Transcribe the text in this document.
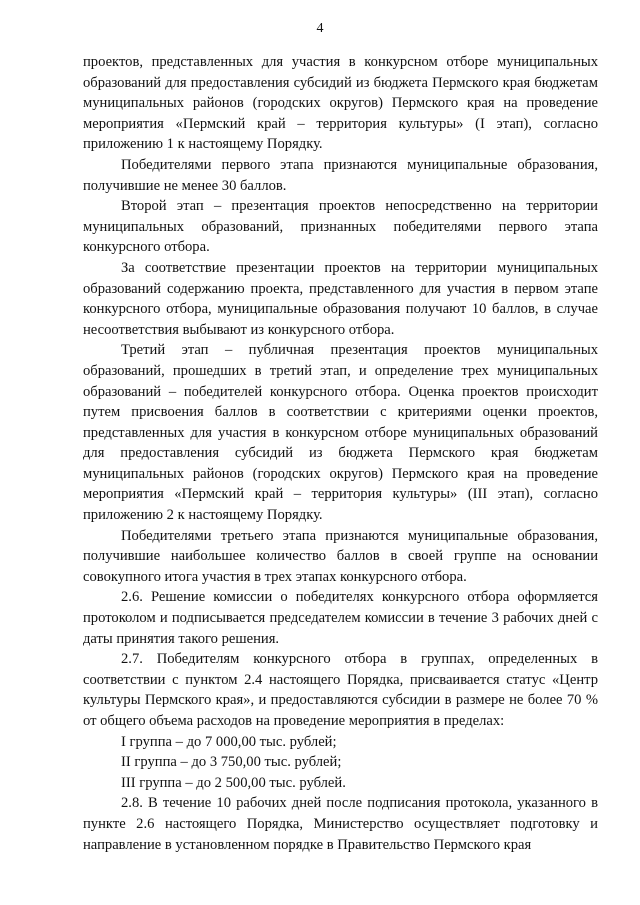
4

проектов, представленных для участия в конкурсном отборе муниципальных образований для предоставления субсидий из бюджета Пермского края бюджетам муниципальных районов (городских округов) Пермского края на проведение мероприятия «Пермский край – территория культуры» (I этап), согласно приложению 1 к настоящему Порядку.

Победителями первого этапа признаются муниципальные образования, получившие не менее 30 баллов.

Второй этап – презентация проектов непосредственно на территории муниципальных образований, признанных победителями первого этапа конкурсного отбора.

За соответствие презентации проектов на территории муниципальных образований содержанию проекта, представленного для участия в первом этапе конкурсного отбора, муниципальные образования получают 10 баллов, в случае несоответствия выбывают из конкурсного отбора.

Третий этап – публичная презентация проектов муниципальных образований, прошедших в третий этап, и определение трех муниципальных образований – победителей конкурсного отбора. Оценка проектов происходит путем присвоения баллов в соответствии с критериями оценки проектов, представленных для участия в конкурсном отборе муниципальных образований для предоставления субсидий из бюджета Пермского края бюджетам муниципальных районов (городских округов) Пермского края на проведение мероприятия «Пермский край – территория культуры» (III этап), согласно приложению 2 к настоящему Порядку.

Победителями третьего этапа признаются муниципальные образования, получившие наибольшее количество баллов в своей группе на основании совокупного итога участия в трех этапах конкурсного отбора.

2.6. Решение комиссии о победителях конкурсного отбора оформляется протоколом и подписывается председателем комиссии в течение 3 рабочих дней с даты принятия такого решения.

2.7. Победителям конкурсного отбора в группах, определенных в соответствии с пунктом 2.4 настоящего Порядка, присваивается статус «Центр культуры Пермского края», и предоставляются субсидии в размере не более 70 % от общего объема расходов на проведение мероприятия в пределах:

I группа – до 7 000,00 тыс. рублей;

II группа – до 3 750,00 тыс. рублей;

III группа – до 2 500,00 тыс. рублей.

2.8. В течение 10 рабочих дней после подписания протокола, указанного в пункте 2.6 настоящего Порядка, Министерство осуществляет подготовку и направление в установленном порядке в Правительство Пермского края
